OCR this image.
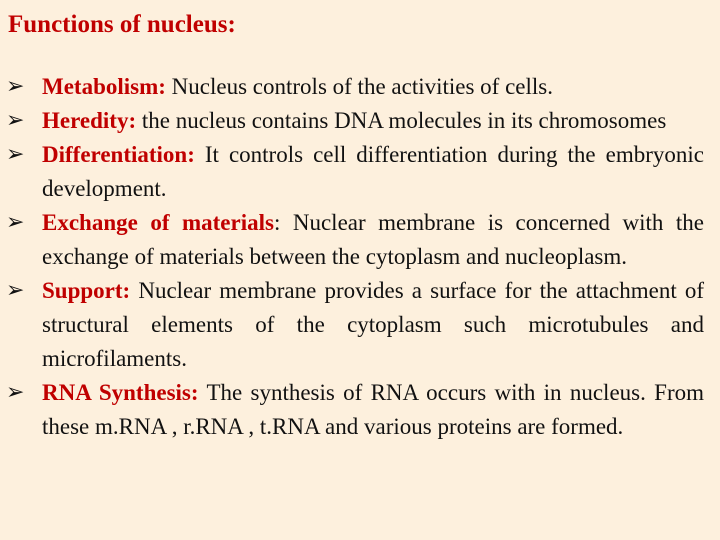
Functions of nucleus:
➢ Metabolism: Nucleus controls of the activities of cells.
➢ Heredity: the nucleus contains DNA molecules in its chromosomes
➢ Differentiation: It controls cell differentiation during the embryonic development.
➢ Exchange of materials: Nuclear membrane is concerned with the exchange of materials between the cytoplasm and nucleoplasm.
➢ Support: Nuclear membrane provides a surface for the attachment of structural elements of the cytoplasm such microtubules and microfilaments.
➢ RNA Synthesis: The synthesis of RNA occurs with in nucleus. From these m.RNA , r.RNA , t.RNA and various proteins are formed.
